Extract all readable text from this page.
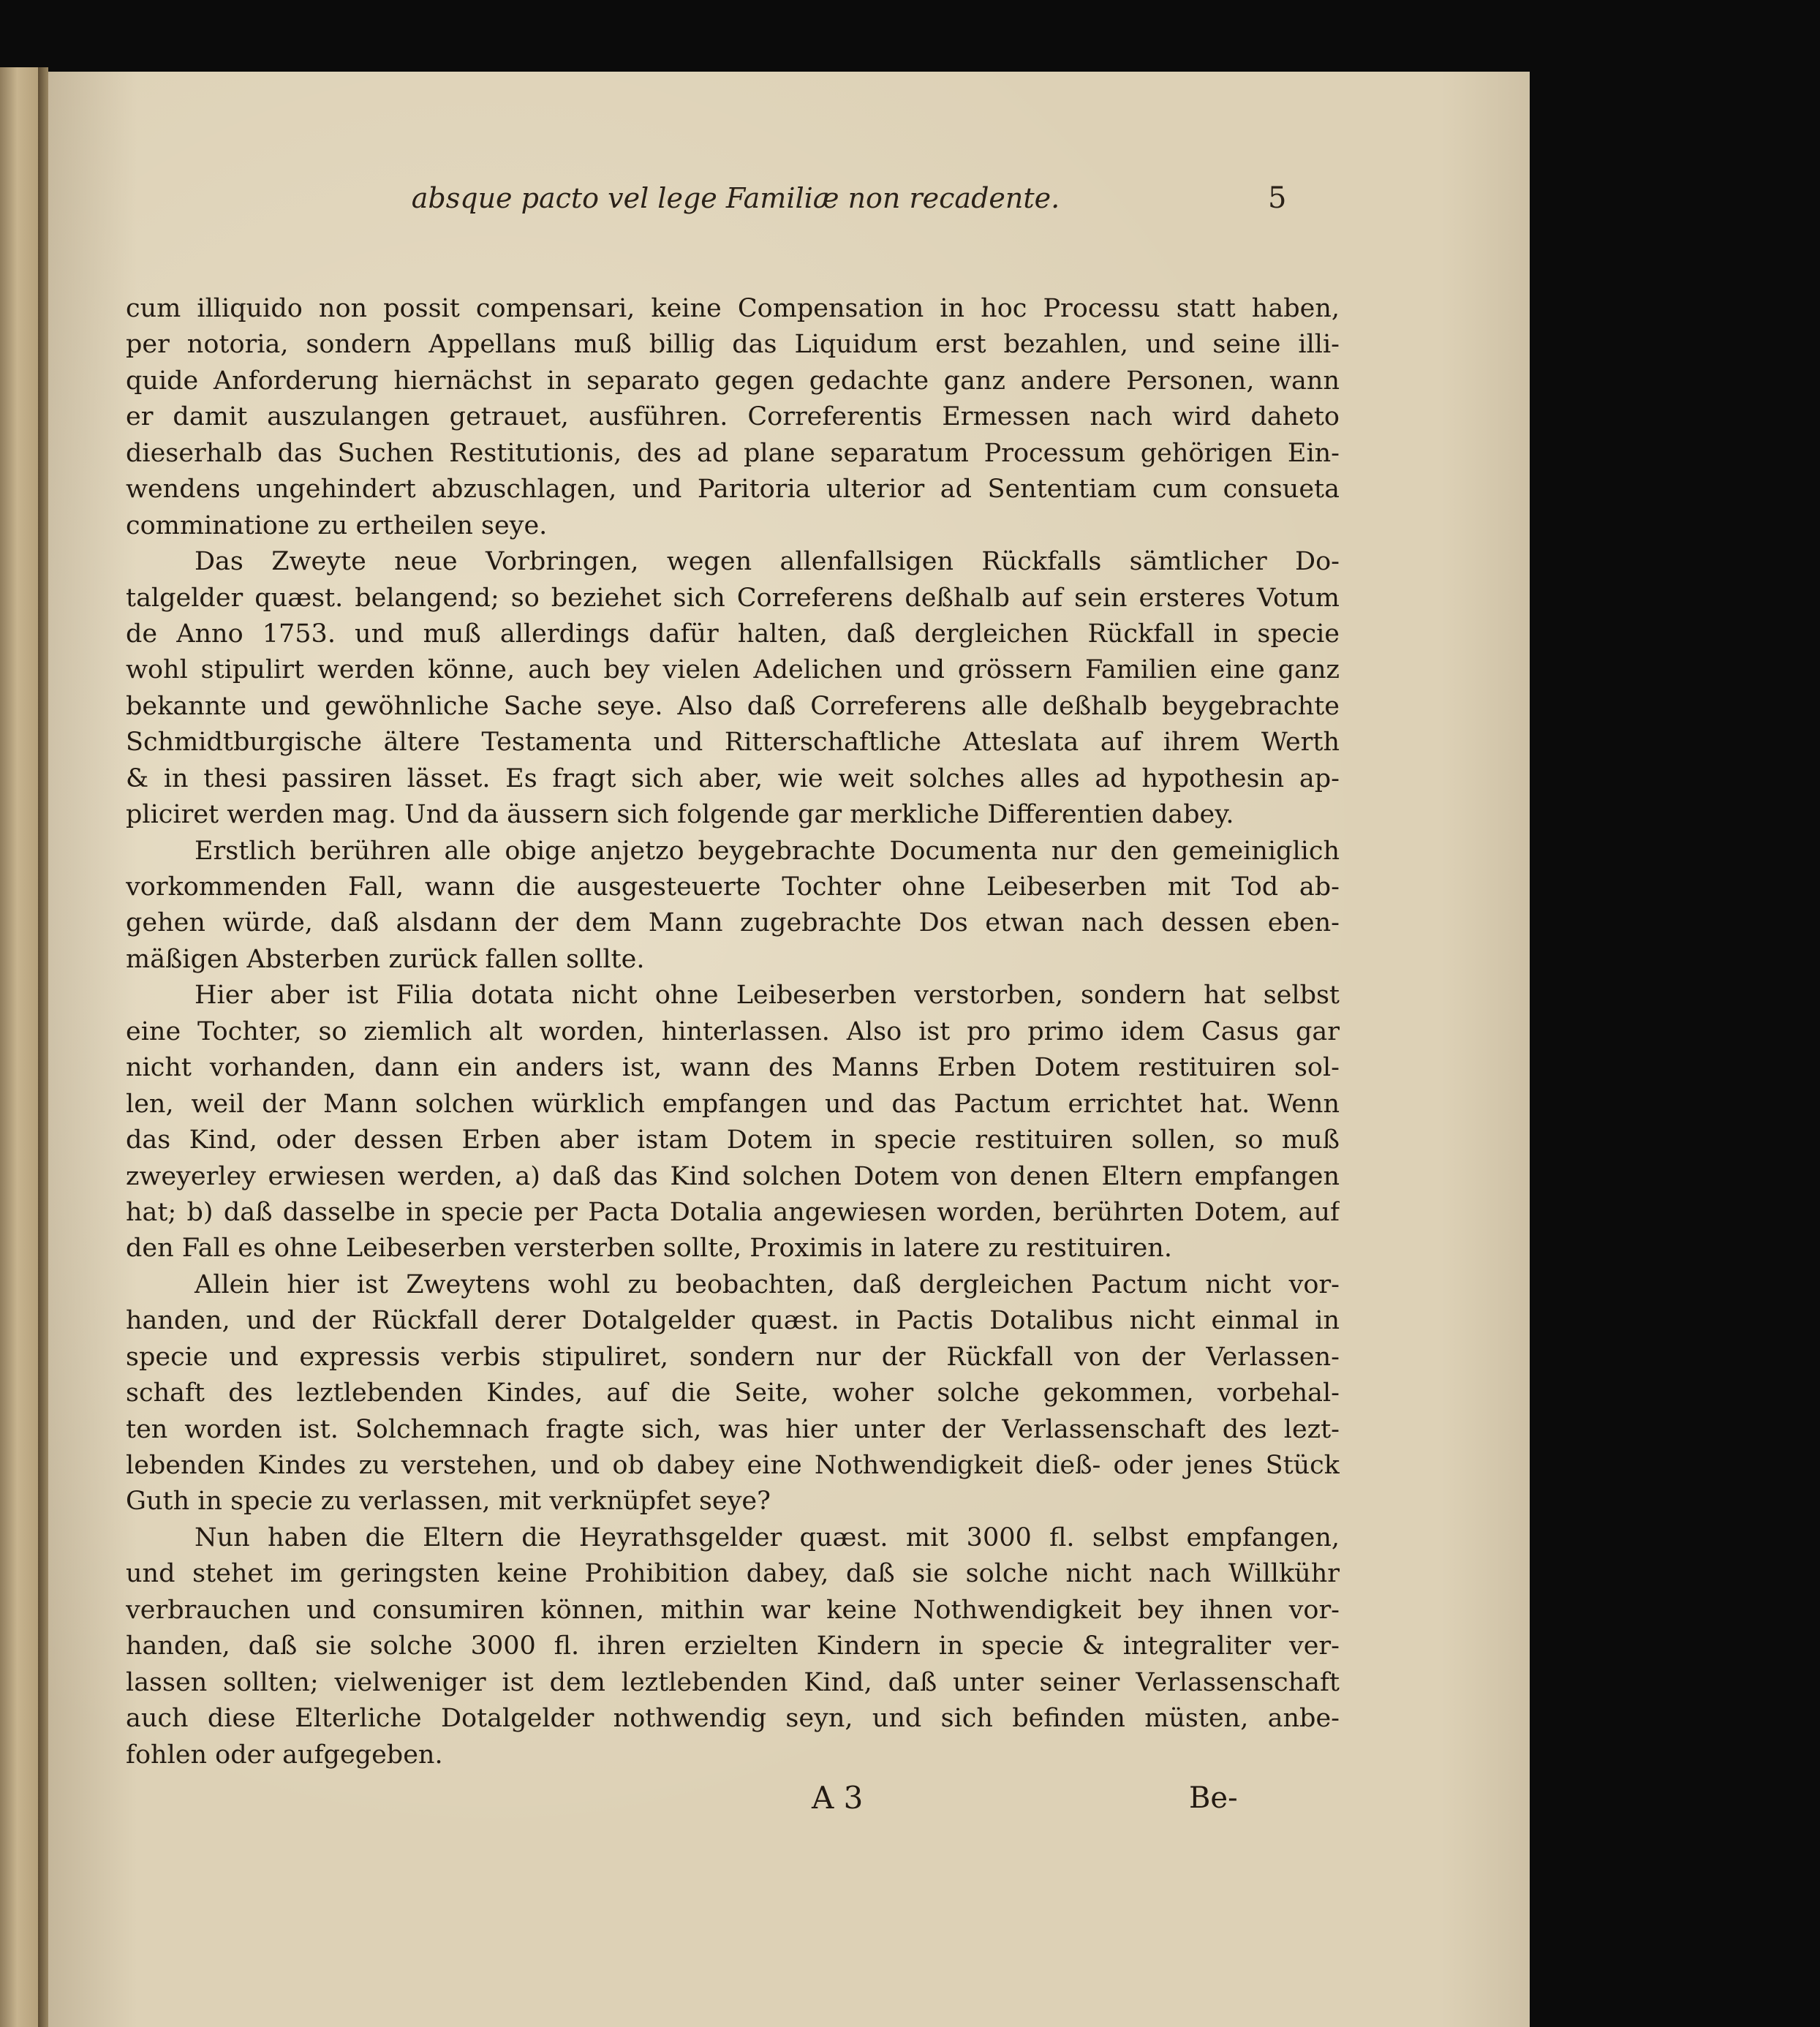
absque pacto vel lege Familiæ non recadente.	5
cum illiquido non possit compensari, keine Compensation in hoc Processu statt haben,
per notoria, sondern Appellans muß billig das Liquidum erst bezahlen, und seine illi-
quide Anforderung hiernächst in separato gegen gedachte ganz andere Personen, wann
er damit auszulangen getrauet, ausführen. Correferentis Ermessen nach wird daheto
dieserhalb das Suchen Restitutionis, des ad plane separatum Processum gehörigen Ein-
wendens ungehindert abzuschlagen, und Paritoria ulterior ad Sententiam cum consueta
comminatione zu ertheilen seye.
Das Zweyte neue Vorbringen, wegen allenfallsigen Rückfalls sämtlicher Do-
talgelder quæst. belangend; so beziehet sich Correferens deßhalb auf sein ersteres Votum
de Anno 1753. und muß allerdings dafür halten, daß dergleichen Rückfall in specie
wohl stipulirt werden könne, auch bey vielen Adelichen und grössern Familien eine ganz
bekannte und gewöhnliche Sache seye. Also daß Correferens alle deßhalb beygebrachte
Schmidtburgische ältere Testamenta und Ritterschaftliche Atteslata auf ihrem Werth
& in thesi passiren lässet. Es fragt sich aber, wie weit solches alles ad hypothesin ap-
pliciret werden mag. Und da äussern sich folgende gar merkliche Differentien dabey.
Erstlich berühren alle obige anjetzo beygebrachte Documenta nur den gemeiniglich
vorkommenden Fall, wann die ausgesteuerte Tochter ohne Leibeserben mit Tod ab-
gehen würde, daß alsdann der dem Mann zugebrachte Dos etwan nach dessen eben-
mäßigen Absterben zurück fallen sollte.
Hier aber ist Filia dotata nicht ohne Leibeserben verstorben, sondern hat selbst
eine Tochter, so ziemlich alt worden, hinterlassen. Also ist pro primo idem Casus gar
nicht vorhanden, dann ein anders ist, wann des Manns Erben Dotem restituiren sol-
len, weil der Mann solchen würklich empfangen und das Pactum errichtet hat. Wenn
das Kind, oder dessen Erben aber istam Dotem in specie restituiren sollen, so muß
zweyerley erwiesen werden, a) daß das Kind solchen Dotem von denen Eltern empfangen
hat; b) daß dasselbe in specie per Pacta Dotalia angewiesen worden, berührten Dotem, auf
den Fall es ohne Leibeserben versterben sollte, Proximis in latere zu restituiren.
Allein hier ist Zweytens wohl zu beobachten, daß dergleichen Pactum nicht vor-
handen, und der Rückfall derer Dotalgelder quæst. in Pactis Dotalibus nicht einmal in
specie und expressis verbis stipuliret, sondern nur der Rückfall von der Verlassen-
schaft des leztlebenden Kindes, auf die Seite, woher solche gekommen, vorbehal-
ten worden ist. Solchemnach fragte sich, was hier unter der Verlassenschaft des lezt-
lebenden Kindes zu verstehen, und ob dabey eine Nothwendigkeit dieß- oder jenes Stück
Guth in specie zu verlassen, mit verknüpfet seye?
Nun haben die Eltern die Heyrathsgelder quæst. mit 3000 fl. selbst empfangen,
und stehet im geringsten keine Prohibition dabey, daß sie solche nicht nach Willkühr
verbrauchen und consumiren können, mithin war keine Nothwendigkeit bey ihnen vor-
handen, daß sie solche 3000 fl. ihren erzielten Kindern in specie & integraliter ver-
lassen sollten; vielweniger ist dem leztlebenden Kind, daß unter seiner Verlassenschaft
auch diese Elterliche Dotalgelder nothwendig seyn, und sich befinden müsten, anbe-
fohlen oder aufgegeben.
A 3	Be-
